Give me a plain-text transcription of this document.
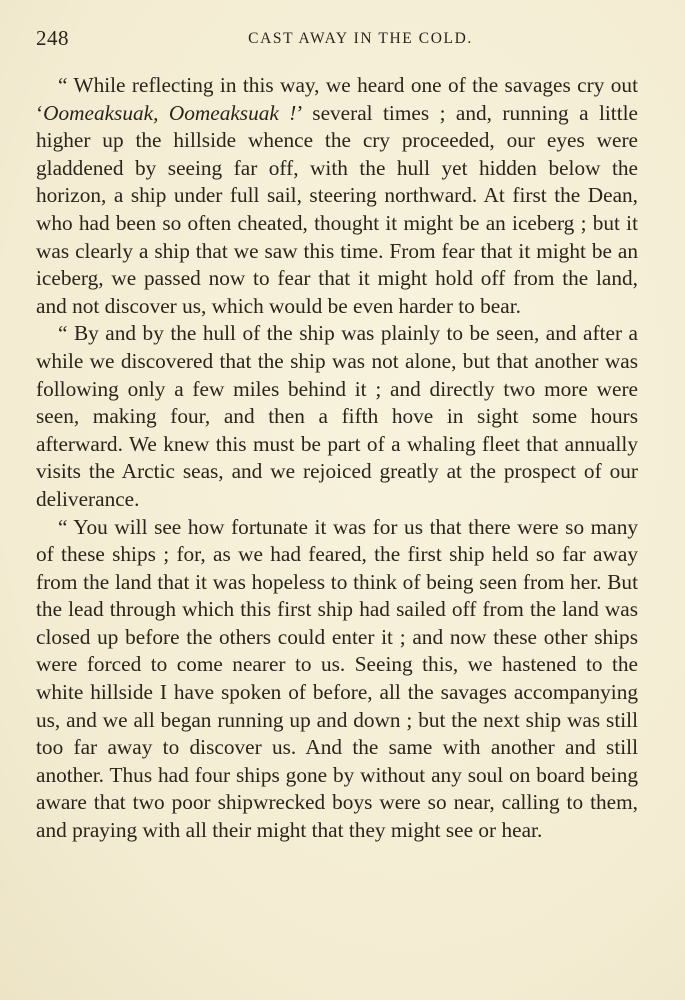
248	CAST AWAY IN THE COLD.

“ While reflecting in this way, we heard one of the savages cry out ‘Oomeaksuak, Oomeaksuak !’ several times ; and, running a little higher up the hillside whence the cry proceeded, our eyes were gladdened by seeing far off, with the hull yet hidden below the horizon, a ship under full sail, steering northward. At first the Dean, who had been so often cheated, thought it might be an iceberg ; but it was clearly a ship that we saw this time. From fear that it might be an iceberg, we passed now to fear that it might hold off from the land, and not discover us, which would be even harder to bear.

“ By and by the hull of the ship was plainly to be seen, and after a while we discovered that the ship was not alone, but that another was following only a few miles behind it ; and directly two more were seen, making four, and then a fifth hove in sight some hours afterward. We knew this must be part of a whaling fleet that annually visits the Arctic seas, and we rejoiced greatly at the prospect of our deliverance.

“ You will see how fortunate it was for us that there were so many of these ships ; for, as we had feared, the first ship held so far away from the land that it was hopeless to think of being seen from her. But the lead through which this first ship had sailed off from the land was closed up before the others could enter it ; and now these other ships were forced to come nearer to us. Seeing this, we hastened to the white hillside I have spoken of before, all the savages accompanying us, and we all began running up and down ; but the next ship was still too far away to discover us. And the same with another and still another. Thus had four ships gone by without any soul on board being aware that two poor shipwrecked boys were so near, calling to them, and praying with all their might that they might see or hear.
